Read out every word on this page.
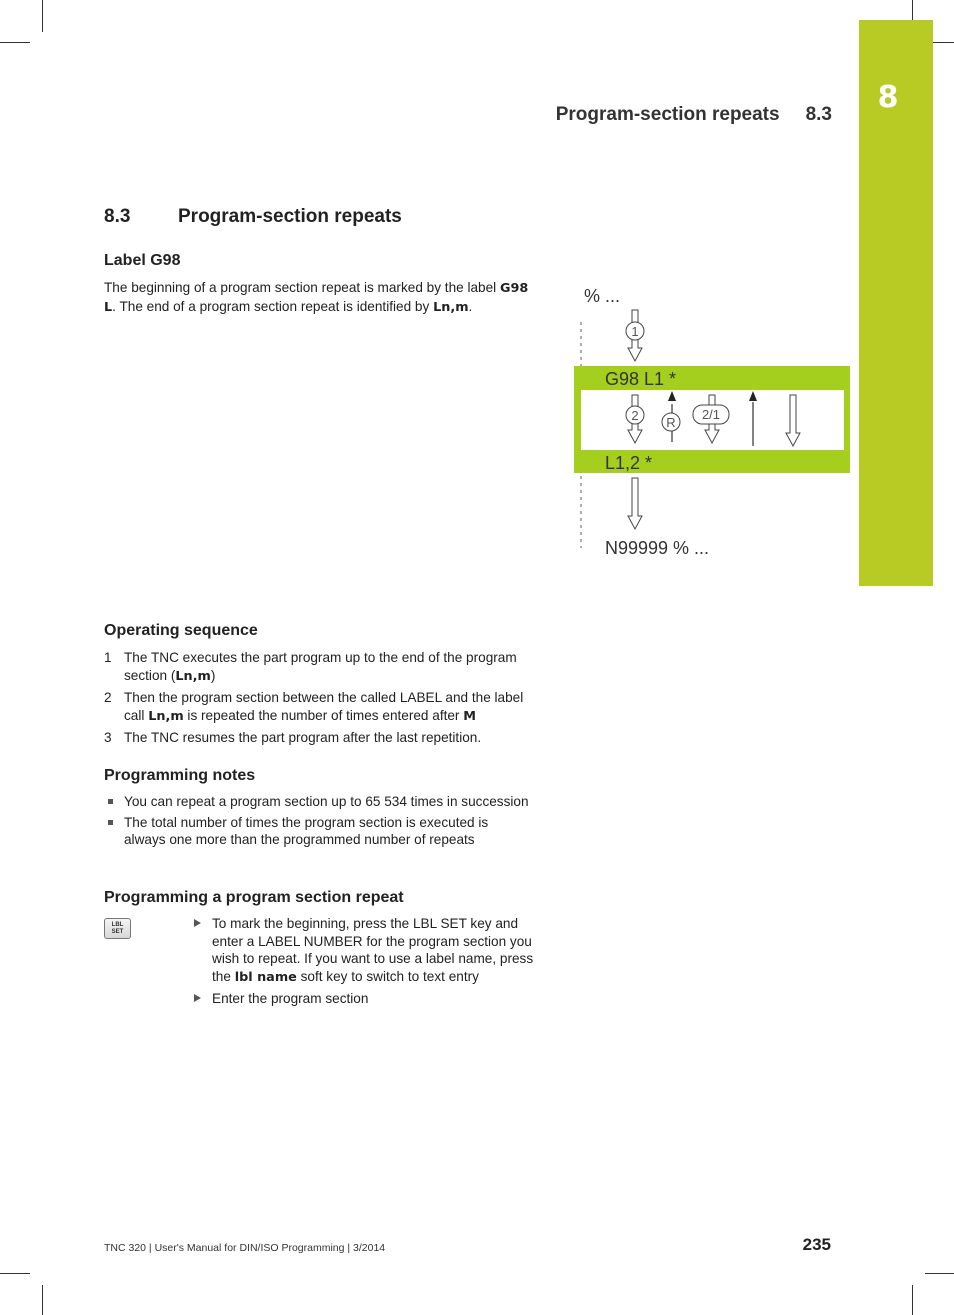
8
Program-section repeats 8.3
8.3	Program-section repeats
Label G98

The beginning of a program section repeat is marked by the label G98 L. The end of a program section repeat is identified by Ln,m.	% ...
G98 L1 *
L1,2 *
N99999 % ...
1
2 R
2/1
Operating sequence
1 The TNC executes the part program up to the end of the program section (Ln,m)
2 Then the program section between the called LABEL and the label call Ln,m is repeated the number of times entered after M
3 The TNC resumes the part program after the last repetition.
Programming notes
You can repeat a program section up to 65 534 times in succession
The total number of times the program section is executed is always one more than the programmed number of repeats
Programming a program section repeat
LBL
SET
To mark the beginning, press the LBL SET key and enter a LABEL NUMBER for the program section you wish to repeat. If you want to use a label name, press the lbl name soft key to switch to text entry
Enter the program section
TNC 320 | User's Manual for DIN/ISO Programming | 3/2014	235
